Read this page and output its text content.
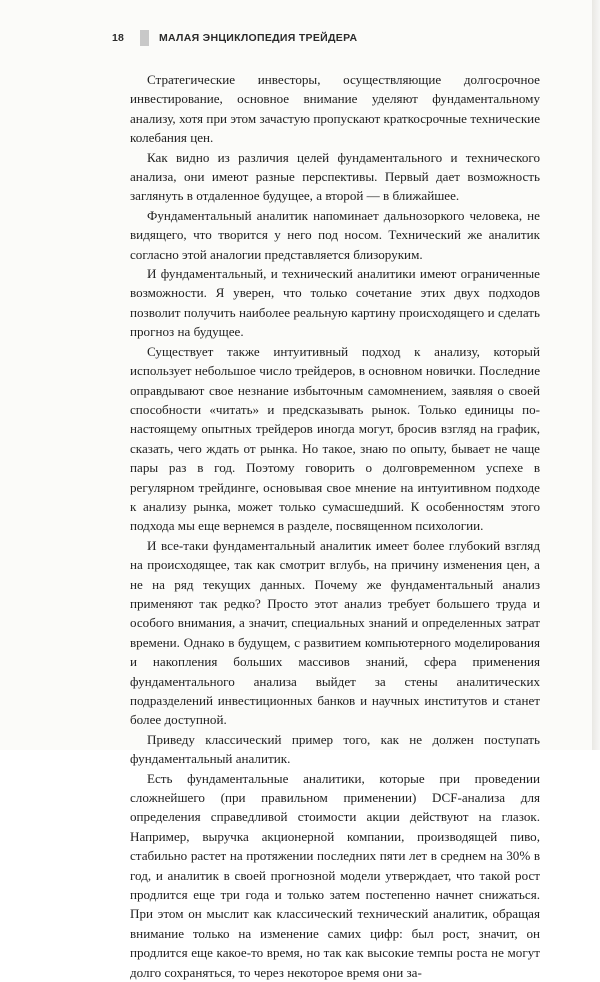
18	МАЛАЯ ЭНЦИКЛОПЕДИЯ ТРЕЙДЕРА

Стратегические инвесторы, осуществляющие долгосрочное инвестирование, основное внимание уделяют фундаментальному анализу, хотя при этом зачастую пропускают краткосрочные технические колебания цен.

Как видно из различия целей фундаментального и технического анализа, они имеют разные перспективы. Первый дает возможность заглянуть в отдаленное будущее, а второй — в ближайшее.

Фундаментальный аналитик напоминает дальнозоркого человека, не видящего, что творится у него под носом. Технический же аналитик согласно этой аналогии представляется близоруким.

И фундаментальный, и технический аналитики имеют ограниченные возможности. Я уверен, что только сочетание этих двух подходов позволит получить наиболее реальную картину происходящего и сделать прогноз на будущее.

Существует также интуитивный подход к анализу, который использует небольшое число трейдеров, в основном новички. Последние оправдывают свое незнание избыточным самомнением, заявляя о своей способности «читать» и предсказывать рынок. Только единицы по-настоящему опытных трейдеров иногда могут, бросив взгляд на график, сказать, чего ждать от рынка. Но такое, знаю по опыту, бывает не чаще пары раз в год. Поэтому говорить о долговременном успехе в регулярном трейдинге, основывая свое мнение на интуитивном подходе к анализу рынка, может только сумасшедший. К особенностям этого подхода мы еще вернемся в разделе, посвященном психологии.

И все-таки фундаментальный аналитик имеет более глубокий взгляд на происходящее, так как смотрит вглубь, на причину изменения цен, а не на ряд текущих данных. Почему же фундаментальный анализ применяют так редко? Просто этот анализ требует большего труда и особого внимания, а значит, специальных знаний и определенных затрат времени. Однако в будущем, с развитием компьютерного моделирования и накопления больших массивов знаний, сфера применения фундаментального анализа выйдет за стены аналитических подразделений инвестиционных банков и научных институтов и станет более доступной.

Приведу классический пример того, как не должен поступать фундаментальный аналитик.

Есть фундаментальные аналитики, которые при проведении сложнейшего (при правильном применении) DCF-анализа для определения справедливой стоимости акции действуют на глазок. Например, выручка акционерной компании, производящей пиво, стабильно растет на протяжении последних пяти лет в среднем на 30% в год, и аналитик в своей прогнозной модели утверждает, что такой рост продлится еще три года и только затем постепенно начнет снижаться. При этом он мыслит как классический технический аналитик, обращая внимание только на изменение самих цифр: был рост, значит, он продлится еще какое-то время, но так как высокие темпы роста не могут долго сохраняться, то через некоторое время они за-
